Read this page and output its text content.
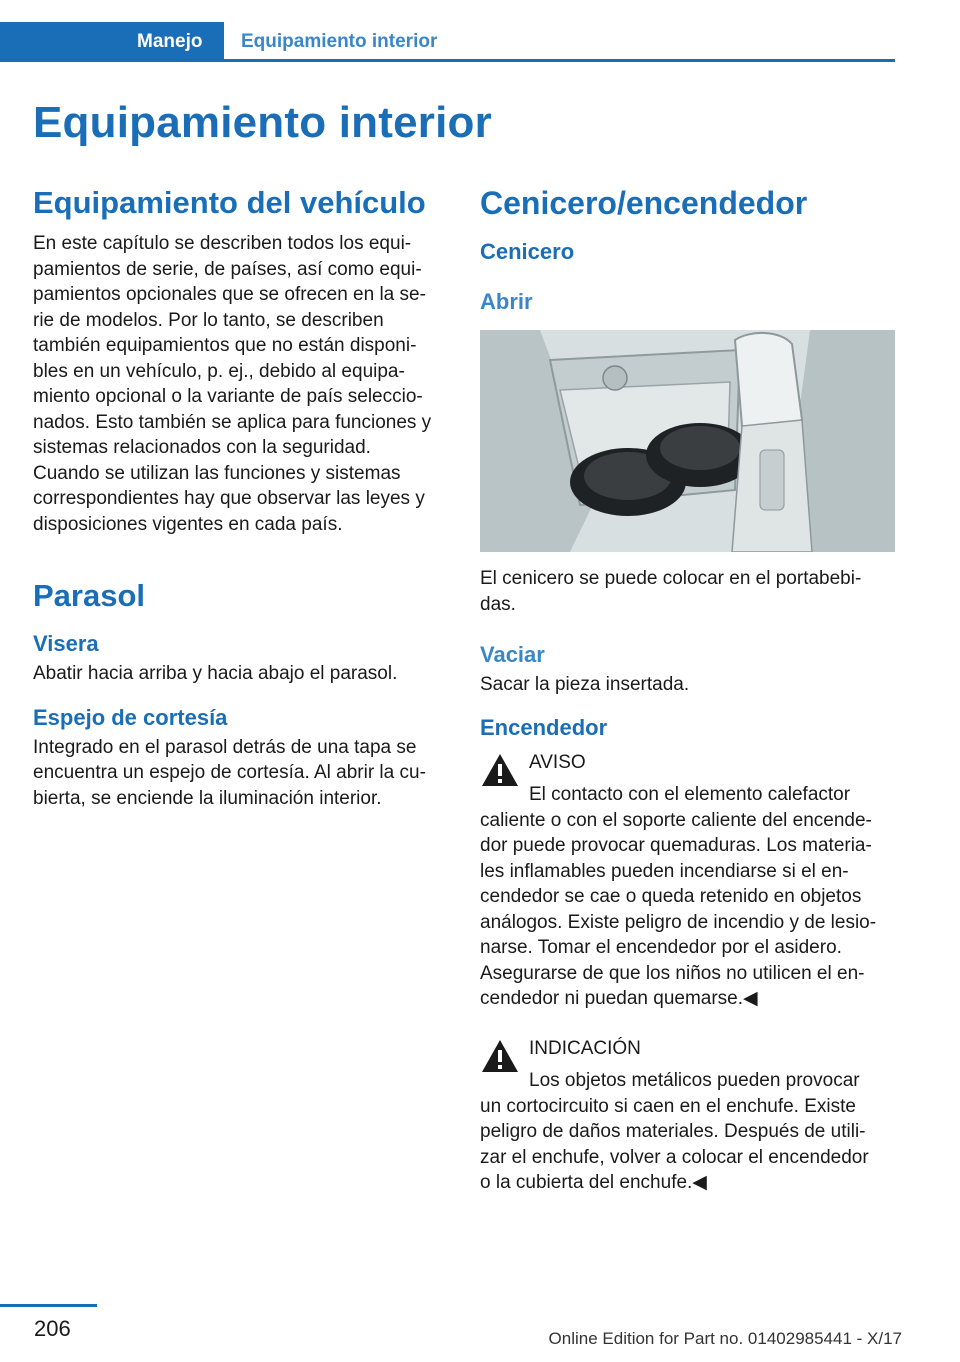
Manejo Equipamiento interior
Equipamiento interior
Equipamiento del vehículo

En este capítulo se describen todos los equi-

pamientos de serie, de países, así como equi-

pamientos opcionales que se ofrecen en la se-

rie de modelos. Por lo tanto, se describen

también equipamientos que no están disponi-

bles en un vehículo, p. ej., debido al equipa-

miento opcional o la variante de país seleccio-

nados. Esto también se aplica para funciones y

sistemas relacionados con la seguridad.

Cuando se utilizan las funciones y sistemas

correspondientes hay que observar las leyes y

disposiciones vigentes en cada país.

Parasol
Visera

Abatir hacia arriba y hacia abajo el parasol.

Espejo de cortesía

Integrado en el parasol detrás de una tapa se

encuentra un espejo de cortesía. Al abrir la cu-

bierta, se enciende la iluminación interior.

Cenicero/encendedor
Cenicero
Abrir

El cenicero se puede colocar en el portabebi-

das.

Vaciar

Sacar la pieza insertada.

Encendedor

AVISO

El contacto con el elemento calefactor

caliente o con el soporte caliente del encende-

dor puede provocar quemaduras. Los materia-

les inflamables pueden incendiarse si el en-

cendedor se cae o queda retenido en objetos

análogos. Existe peligro de incendio y de lesio-

narse. Tomar el encendedor por el asidero.

Asegurarse de que los niños no utilicen el en-

cendedor ni puedan quemarse.◀

INDICACIÓN

Los objetos metálicos pueden provocar

un cortocircuito si caen en el enchufe. Existe

peligro de daños materiales. Después de utili-

zar el enchufe, volver a colocar el encendedor

o la cubierta del enchufe.◀

206	Online Edition for Part no. 01402985441 - X/17
